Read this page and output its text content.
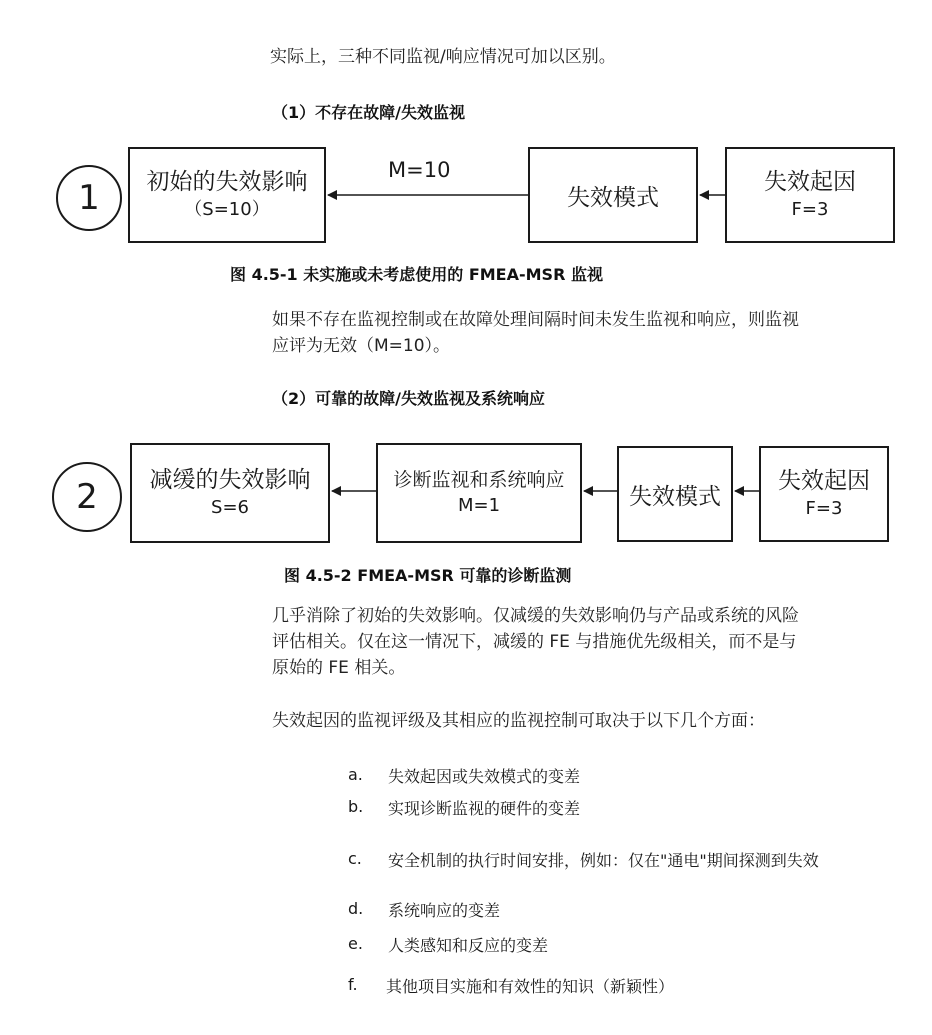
实际上，三种不同监视/响应情况可加以区别。
（1）不存在故障/失效监视
1 初始的失效影响
（S=10）
M=10
失效模式
失效起因
F=3
图 4.5-1 未实施或未考虑使用的 FMEA-MSR 监视
如果不存在监视控制或在故障处理间隔时间未发生监视和响应，则监视
应评为无效（M=10）。
（2）可靠的故障/失效监视及系统响应
2 减缓的失效影响
S=6
诊断监视和系统响应
M=1	失效模式
失效起因
F=3
图 4.5-2 FMEA-MSR 可靠的诊断监测
几乎消除了初始的失效影响。仅减缓的失效影响仍与产品或系统的风险
评估相关。仅在这一情况下，减缓的 FE 与措施优先级相关，而不是与
原始的 FE 相关。
失效起因的监视评级及其相应的监视控制可取决于以下几个方面：
a. 失效起因或失效模式的变差
b. 实现诊断监视的硬件的变差
c. 安全机制的执行时间安排，例如：仅在"通电"期间探测到失效
d. 系统响应的变差
e. 人类感知和反应的变差
f. 其他项目实施和有效性的知识（新颖性）
